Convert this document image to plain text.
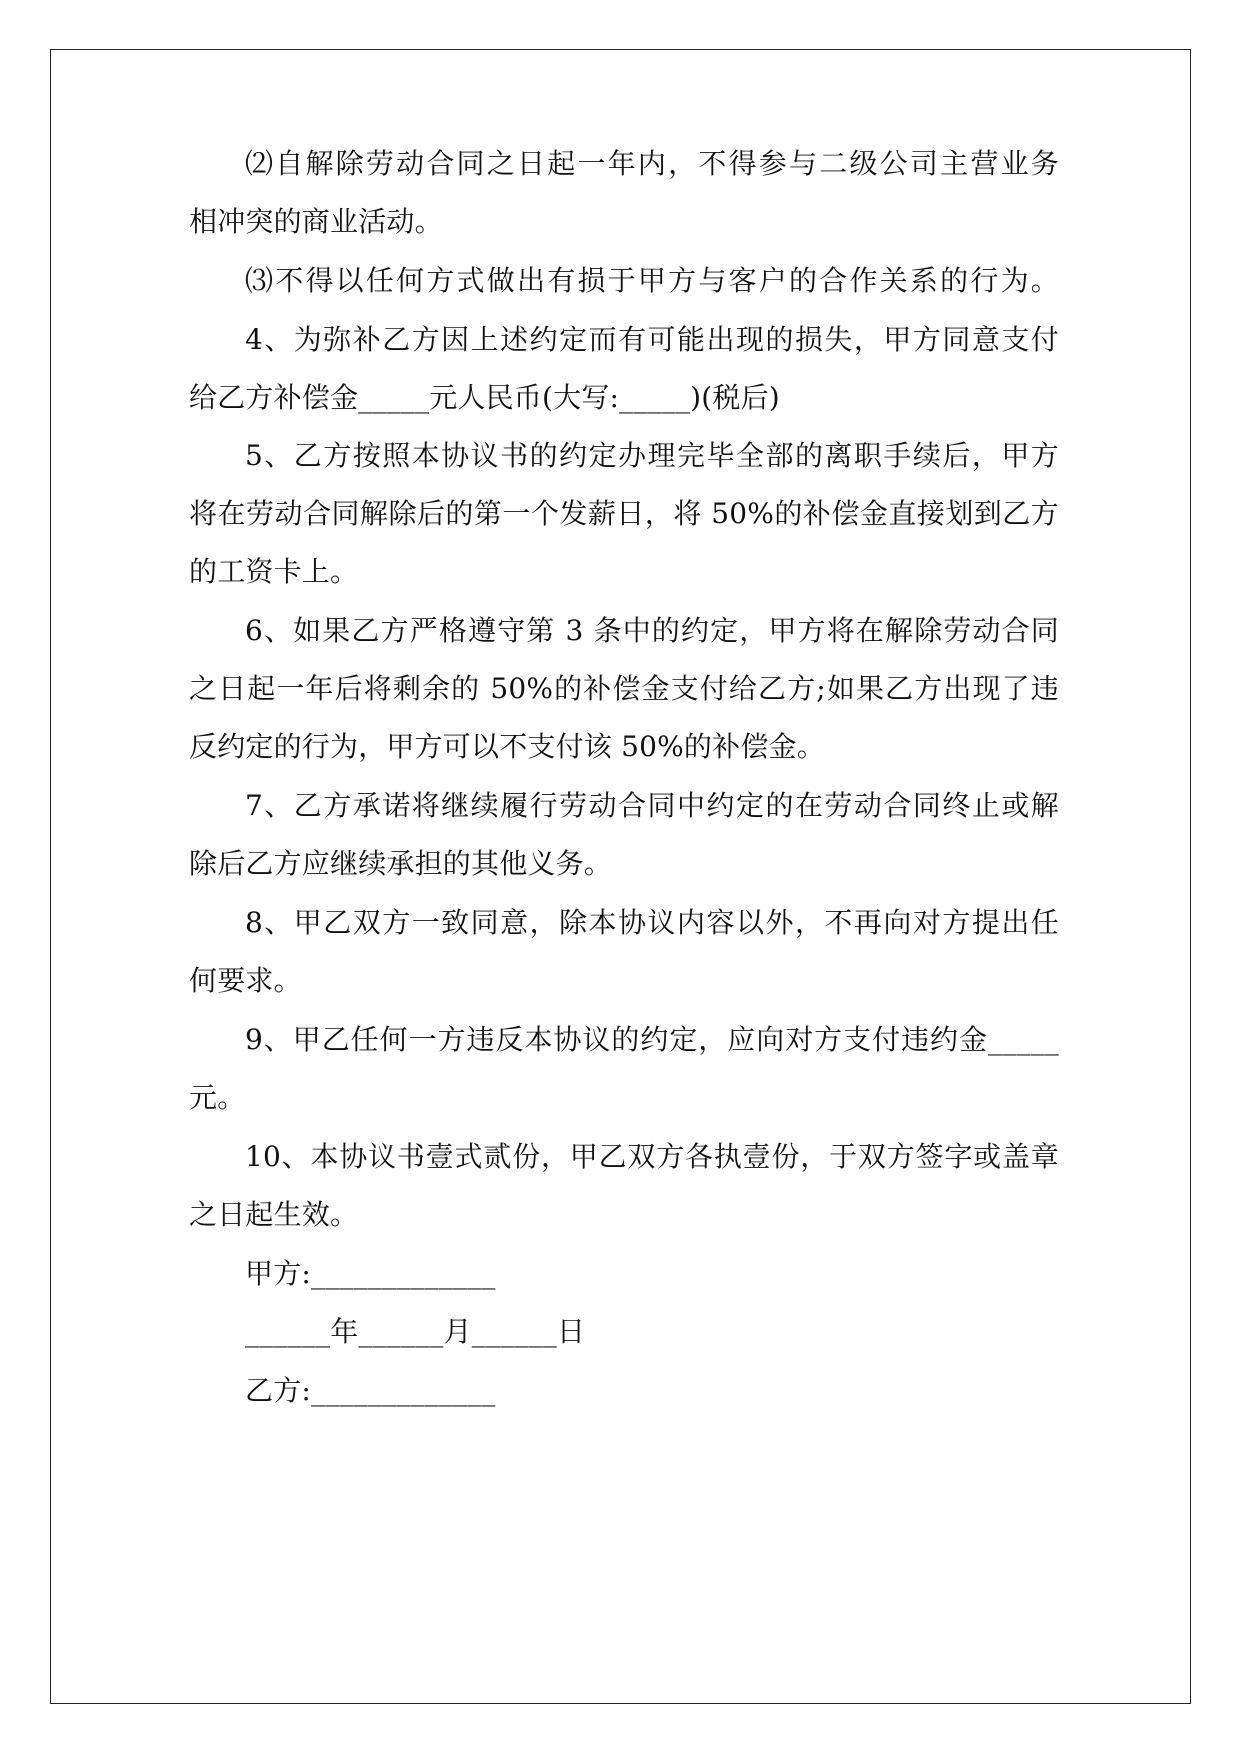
⑵自解除劳动合同之日起一年内，不得参与二级公司主营业务
相冲突的商业活动。
⑶不得以任何方式做出有损于甲方与客户的合作关系的行为。
4、为弥补乙方因上述约定而有可能出现的损失，甲方同意支付
给乙方补偿金_____元人民币(大写:_____)(税后)
5、乙方按照本协议书的约定办理完毕全部的离职手续后，甲方
将在劳动合同解除后的第一个发薪日，将 50%的补偿金直接划到乙方
的工资卡上。
6、如果乙方严格遵守第 3 条中的约定，甲方将在解除劳动合同
之日起一年后将剩余的 50%的补偿金支付给乙方;如果乙方出现了违
反约定的行为，甲方可以不支付该 50%的补偿金。
7、乙方承诺将继续履行劳动合同中约定的在劳动合同终止或解
除后乙方应继续承担的其他义务。
8、甲乙双方一致同意，除本协议内容以外，不再向对方提出任
何要求。
9、甲乙任何一方违反本协议的约定，应向对方支付违约金_____
元。
10、本协议书壹式贰份，甲乙双方各执壹份，于双方签字或盖章
之日起生效。
甲方:_____________
______年______月______日
乙方:_____________
